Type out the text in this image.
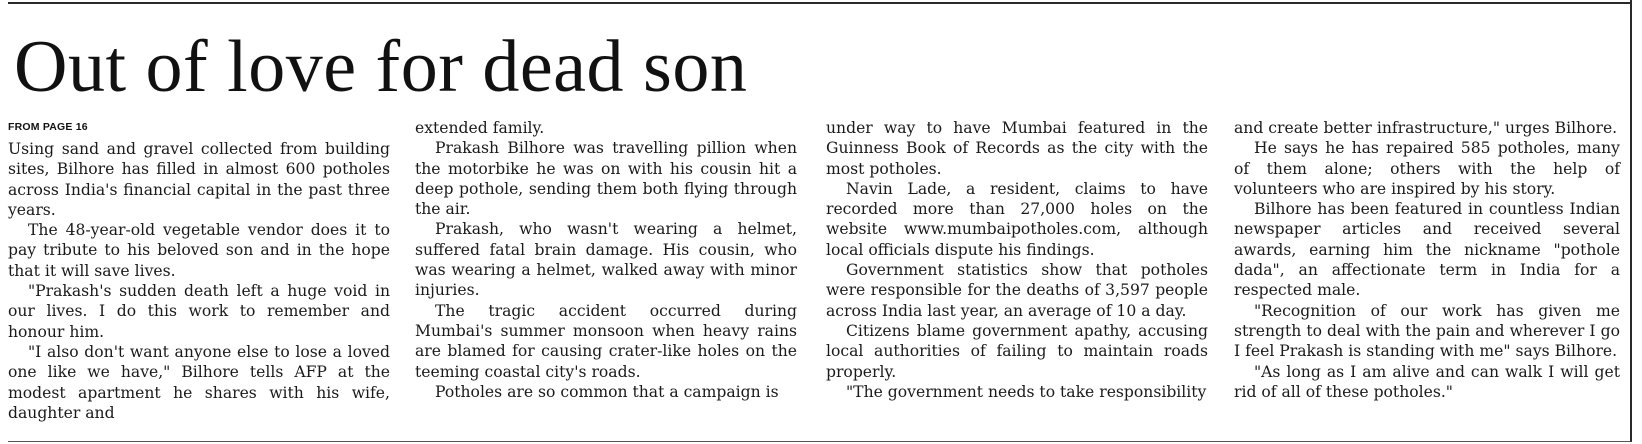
Out of love for dead son
FROM PAGE 16

Using sand and gravel collected from building sites, Bilhore has filled in almost 600 potholes across India's financial capital in the past three years.

The 48-year-old vegetable vendor does it to pay tribute to his beloved son and in the hope that it will save lives.

"Prakash's sudden death left a huge void in our lives. I do this work to remember and honour him.

"I also don't want anyone else to lose a loved one like we have," Bilhore tells AFP at the modest apartment he shares with his wife, daughter and

extended family.

Prakash Bilhore was travelling pillion when the motorbike he was on with his cousin hit a deep pothole, sending them both flying through the air.

Prakash, who wasn't wearing a helmet, suffered fatal brain damage. His cousin, who was wearing a helmet, walked away with minor injuries.

The tragic accident occurred during Mumbai's summer monsoon when heavy rains are blamed for causing crater-like holes on the teeming coastal city's roads.

Potholes are so common that a campaign is

under way to have Mumbai featured in the Guinness Book of Records as the city with the most potholes.

Navin Lade, a resident, claims to have recorded more than 27,000 holes on the website www.mumbaipotholes.com, although local officials dispute his findings.

Government statistics show that potholes were responsible for the deaths of 3,597 people across India last year, an average of 10 a day.

Citizens blame government apathy, accusing local authorities of failing to maintain roads properly.

"The government needs to take responsibility

and create better infrastructure," urges Bilhore.

He says he has repaired 585 potholes, many of them alone; others with the help of volunteers who are inspired by his story.

Bilhore has been featured in countless Indian newspaper articles and received several awards, earning him the nickname "pothole dada", an affectionate term in India for a respected male.

"Recognition of our work has given me strength to deal with the pain and wherever I go I feel Prakash is standing with me" says Bilhore.

"As long as I am alive and can walk I will get rid of all of these potholes."
